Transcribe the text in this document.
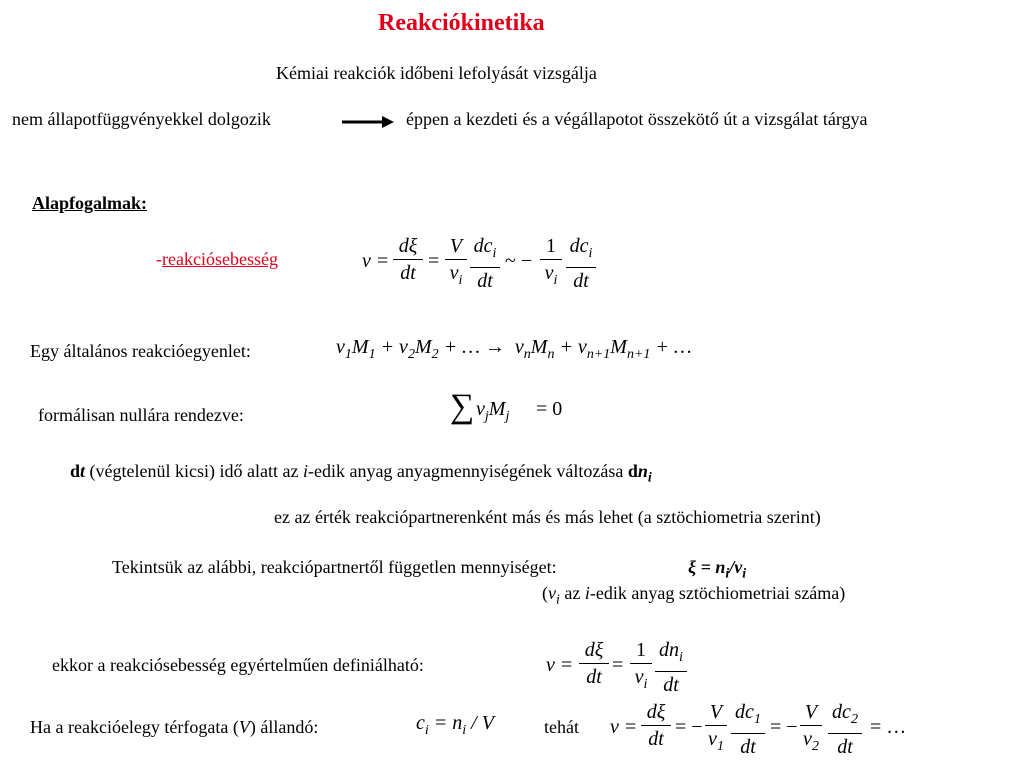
Reakciókinetika
Kémiai reakciók időbeni lefolyását vizsgálja
nem állapotfüggvényekkel dolgozik	éppen a kezdeti és a végállapotot összekötő út a vizsgálat tárgya
Alapfogalmak:
-reakciósebesség	v =
dξ
dt
=
V
$\nu_i$
$dc_i$
dt
~ −
1
$\nu_i$
$dc_i$
dt
Egy általános reakcióegyenlet:	$\nu_1M_1 + \nu_2M_2$ + … →  $\nu_nM_n + \nu_{n+1}M_{n+1}$ + …
formálisan nullára rendezve:	∑ $\nu_jM_j = 0$
dt (végtelenül kicsi) idő alatt az i-edik anyag anyagmennyiségének változása $dn_i$
ez az érték reakciópartnerenként más és más lehet (a sztöchiometria szerint)
Tekintsük az alábbi, reakciópartnertől független mennyiséget:	$\xi = n_i/\nu_i$
($\nu_i$ az i-edik anyag sztöchiometriai száma)
ekkor a reakciósebesség egyértelműen definiálható:	v =
dξ
dt
=
1
$\nu_i$
$dn_i$
dt
Ha a reakcióelegy térfogata (V) állandó:	$c_i = n_i / V$	tehát v =
dξ
dt
= −
V
$\nu_1$
$dc_1$
dt
= −
V
$\nu_2$
$dc_2$
dt
= …
